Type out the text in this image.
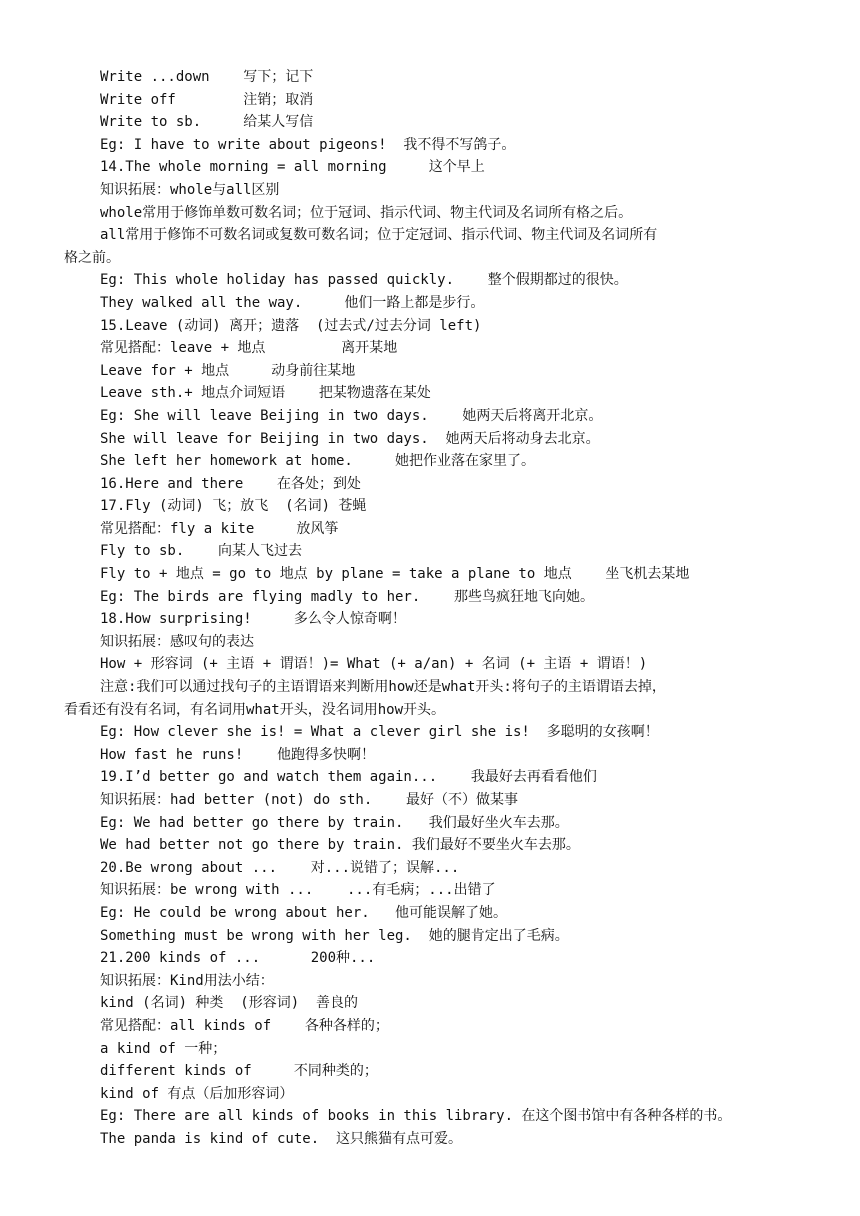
Write ...down    写下；记下
Write off        注销；取消
Write to sb.     给某人写信
Eg: I have to write about pigeons!  我不得不写鸽子。
14.The whole morning = all morning     这个早上
知识拓展：whole与all区别
whole常用于修饰单数可数名词；位于冠词、指示代词、物主代词及名词所有格之后。
all常用于修饰不可数名词或复数可数名词；位于定冠词、指示代词、物主代词及名词所有
格之前。
Eg: This whole holiday has passed quickly.    整个假期都过的很快。
They walked all the way.     他们一路上都是步行。
15.Leave (动词) 离开；遗落  (过去式/过去分词 left)
常见搭配：leave + 地点         离开某地
Leave for + 地点     动身前往某地
Leave sth.+ 地点介词短语    把某物遗落在某处
Eg: She will leave Beijing in two days.    她两天后将离开北京。
She will leave for Beijing in two days.  她两天后将动身去北京。
She left her homework at home.     她把作业落在家里了。
16.Here and there    在各处；到处
17.Fly (动词) 飞；放飞  (名词) 苍蝇
常见搭配：fly a kite     放风筝
Fly to sb.    向某人飞过去
Fly to + 地点 = go to 地点 by plane = take a plane to 地点    坐飞机去某地
Eg: The birds are flying madly to her.    那些鸟疯狂地飞向她。
18.How surprising!     多么令人惊奇啊！
知识拓展：感叹句的表达
How + 形容词 (+ 主语 + 谓语！)= What (+ a/an) + 名词 (+ 主语 + 谓语！)
注意:我们可以通过找句子的主语谓语来判断用how还是what开头:将句子的主语谓语去掉，
看看还有没有名词，有名词用what开头，没名词用how开头。
Eg: How clever she is! = What a clever girl she is!  多聪明的女孩啊！
How fast he runs!    他跑得多快啊！
19.I’d better go and watch them again...    我最好去再看看他们
知识拓展：had better (not) do sth.    最好（不）做某事
Eg: We had better go there by train.   我们最好坐火车去那。
We had better not go there by train. 我们最好不要坐火车去那。
20.Be wrong about ...    对...说错了；误解...
知识拓展：be wrong with ...    ...有毛病；...出错了
Eg: He could be wrong about her.   他可能误解了她。
Something must be wrong with her leg.  她的腿肯定出了毛病。
21.200 kinds of ...      200种...
知识拓展：Kind用法小结：
kind (名词) 种类  (形容词)  善良的
常见搭配：all kinds of    各种各样的；
a kind of 一种；
different kinds of     不同种类的；
kind of 有点（后加形容词）
Eg: There are all kinds of books in this library. 在这个图书馆中有各种各样的书。
The panda is kind of cute.  这只熊猫有点可爱。
